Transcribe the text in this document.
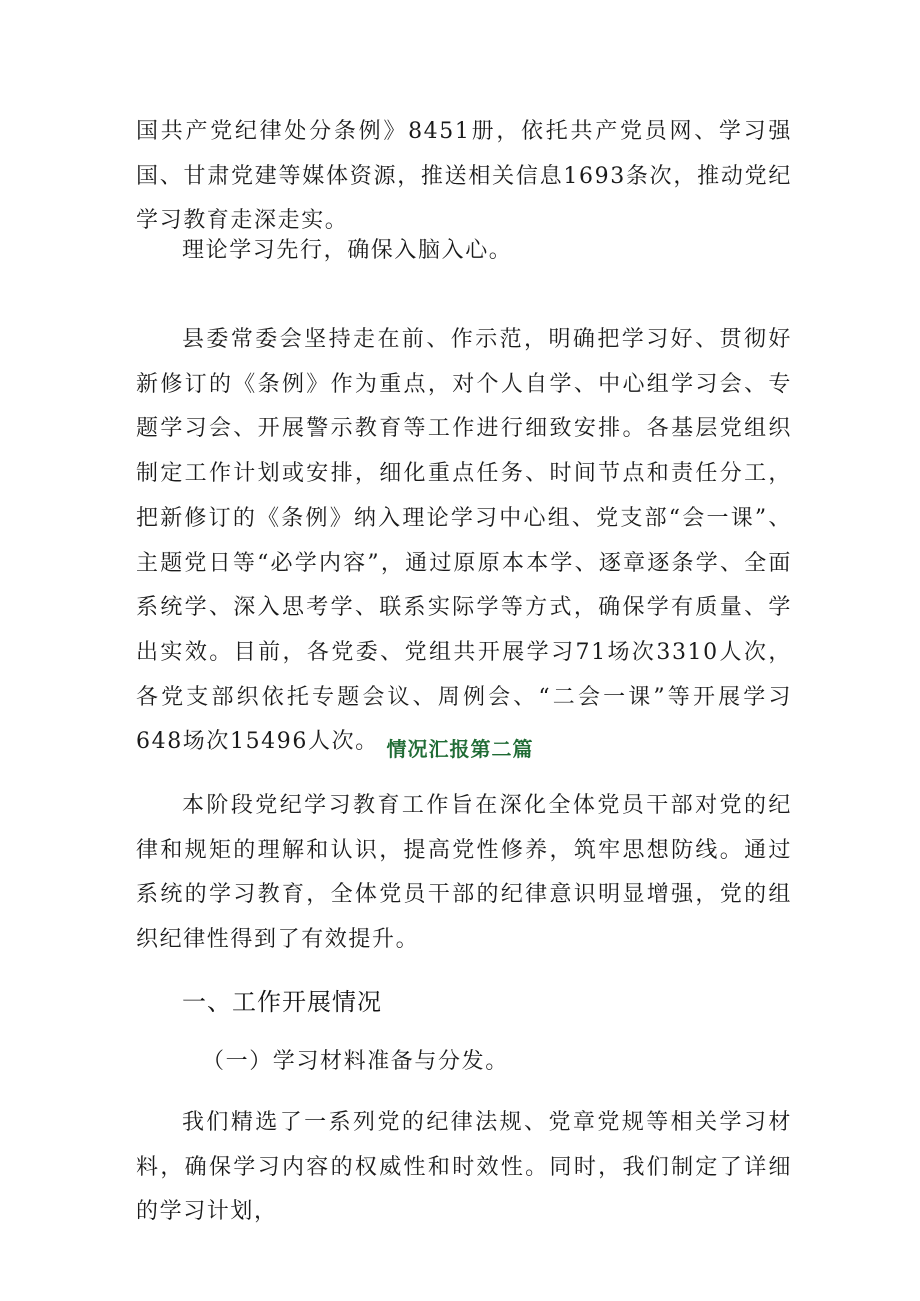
国共产党纪律处分条例》8451册，依托共产党员网、学习强国、甘肃党建等媒体资源，推送相关信息1693条次，推动党纪学习教育走深走实。

理论学习先行，确保入脑入心。

县委常委会坚持走在前、作示范，明确把学习好、贯彻好新修订的《条例》作为重点，对个人自学、中心组学习会、专题学习会、开展警示教育等工作进行细致安排。各基层党组织制定工作计划或安排，细化重点任务、时间节点和责任分工，把新修订的《条例》纳入理论学习中心组、党支部“会一课”、主题党日等“必学内容”，通过原原本本学、逐章逐条学、全面系统学、深入思考学、联系实际学等方式，确保学有质量、学出实效。目前，各党委、党组共开展学习71场次3310人次，各党支部织依托专题会议、周例会、“二会一课”等开展学习648场次15496人次。 情况汇报第二篇

本阶段党纪学习教育工作旨在深化全体党员干部对党的纪律和规矩的理解和认识，提高党性修养，筑牢思想防线。通过系统的学习教育，全体党员干部的纪律意识明显增强，党的组织纪律性得到了有效提升。

一、工作开展情况
（一）学习材料准备与分发。

我们精选了一系列党的纪律法规、党章党规等相关学习材料，确保学习内容的权威性和时效性。同时，我们制定了详细的学习计划，
